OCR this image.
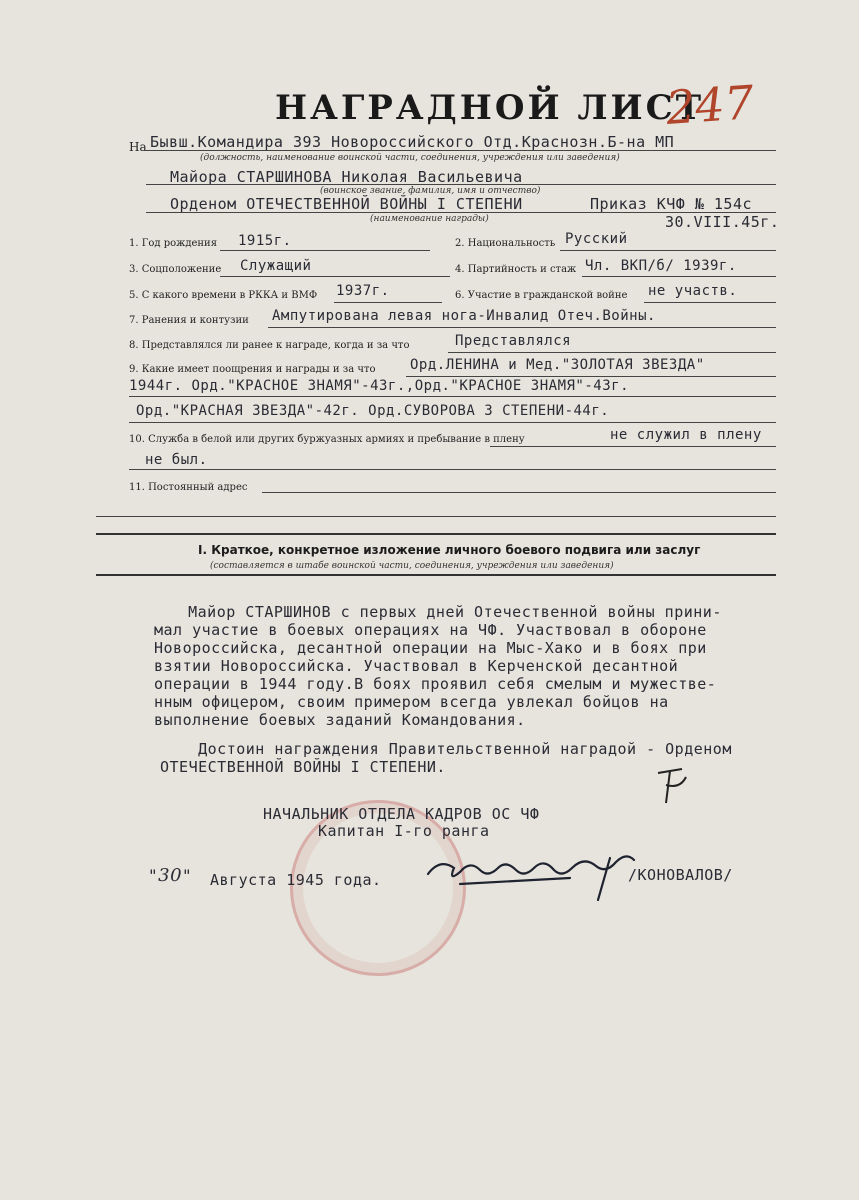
НАГРАДНОЙ ЛИСТ
247
На Бывш.Командира 393 Новороссийского Отд.Краснозн.Б-на МП
(должность, наименование воинской части, соединения, учреждения или заведения)
Майора СТАРШИНОВА Николая Васильевича
(воинское звание, фамилия, имя и отчество)
Орденом ОТЕЧЕСТВЕННОЙ ВОЙНЫ I СТЕПЕНИ	Приказ КЧФ № 154с
(наименование награды)	30.VIII.45г.
1. Год рождения 1915г.	2. Национальность Русский
3. Соцположение Служащий	4. Партийность и стаж Чл. ВКП/б/ 1939г.
5. С какого времени в РККА и ВМФ 1937г.	6. Участие в гражданской войне не участв.
7. Ранения и контузии Ампутирована левая нога-Инвалид Отеч.Войны.
8. Представлялся ли ранее к награде, когда и за что	Представлялся
9. Какие имеет поощрения и награды и за что Орд.ЛЕНИНА и Мед."ЗОЛОТАЯ ЗВЕЗДА"
1944г. Орд."КРАСНОЕ ЗНАМЯ"-43г.,Орд."КРАСНОЕ ЗНАМЯ"-43г.
Орд."КРАСНАЯ ЗВЕЗДА"-42г. Орд.СУВОРОВА 3 СТЕПЕНИ-44г.
10. Служба в белой или других буржуазных армиях и пребывание в плену	не служил в плену
не был.
11. Постоянный адрес
I. Краткое, конкретное изложение личного боевого подвига или заслуг
(составляется в штабе воинской части, соединения, учреждения или заведения)
Майор СТАРШИНОВ с первых дней Отечественной войны прини-
мал участие в боевых операциях на ЧФ. Участвовал в обороне
Новороссийска, десантной операции на Мыс-Хако и в боях при
взятии Новороссийска. Участвовал в Керченской десантной
операции в 1944 году.В боях проявил себя смелым и мужестве-
нным офицером, своим примером всегда увлекал бойцов на
выполнение боевых заданий Командования.
Достоин награждения Правительственной наградой - Орденом
ОТЕЧЕСТВЕННОЙ ВОЙНЫ I СТЕПЕНИ.
НАЧАЛЬНИК ОТДЕЛА КАДРОВ ОС ЧФ
Капитан I-го ранга
"30" Августа 1945 года.	/КОНОВАЛОВ/
